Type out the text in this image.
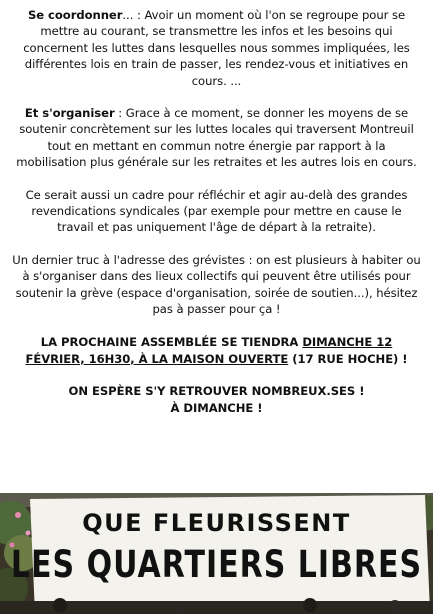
Se coordonner... : Avoir un moment où l'on se regroupe pour se mettre au courant, se transmettre les infos et les besoins qui concernent les luttes dans lesquelles nous sommes impliquées, les différentes lois en train de passer, les rendez-vous et initiatives en cours. ...

Et s'organiser : Grace à ce moment, se donner les moyens de se soutenir concrètement sur les luttes locales qui traversent Montreuil tout en mettant en commun notre énergie par rapport à la mobilisation plus générale sur les retraites et les autres lois en cours.

Ce serait aussi un cadre pour réfléchir et agir au-delà des grandes revendications syndicales (par exemple pour mettre en cause le travail et pas uniquement l'âge de départ à la retraite).

Un dernier truc à l'adresse des grévistes : on est plusieurs à habiter ou à s'organiser dans des lieux collectifs qui peuvent être utilisés pour soutenir la grève (espace d'organisation, soirée de soutien...), hésitez pas à passer pour ça !

LA PROCHAINE ASSEMBLÉE SE TIENDRA DIMANCHE 12 FÉVRIER, 16H30, À LA MAISON OUVERTE (17 RUE HOCHE) !

ON ESPÈRE S'Y RETROUVER NOMBREUX.SES !
À DIMANCHE !

QUE FLEURISSENT
LES QUARTIERS LIBRES
